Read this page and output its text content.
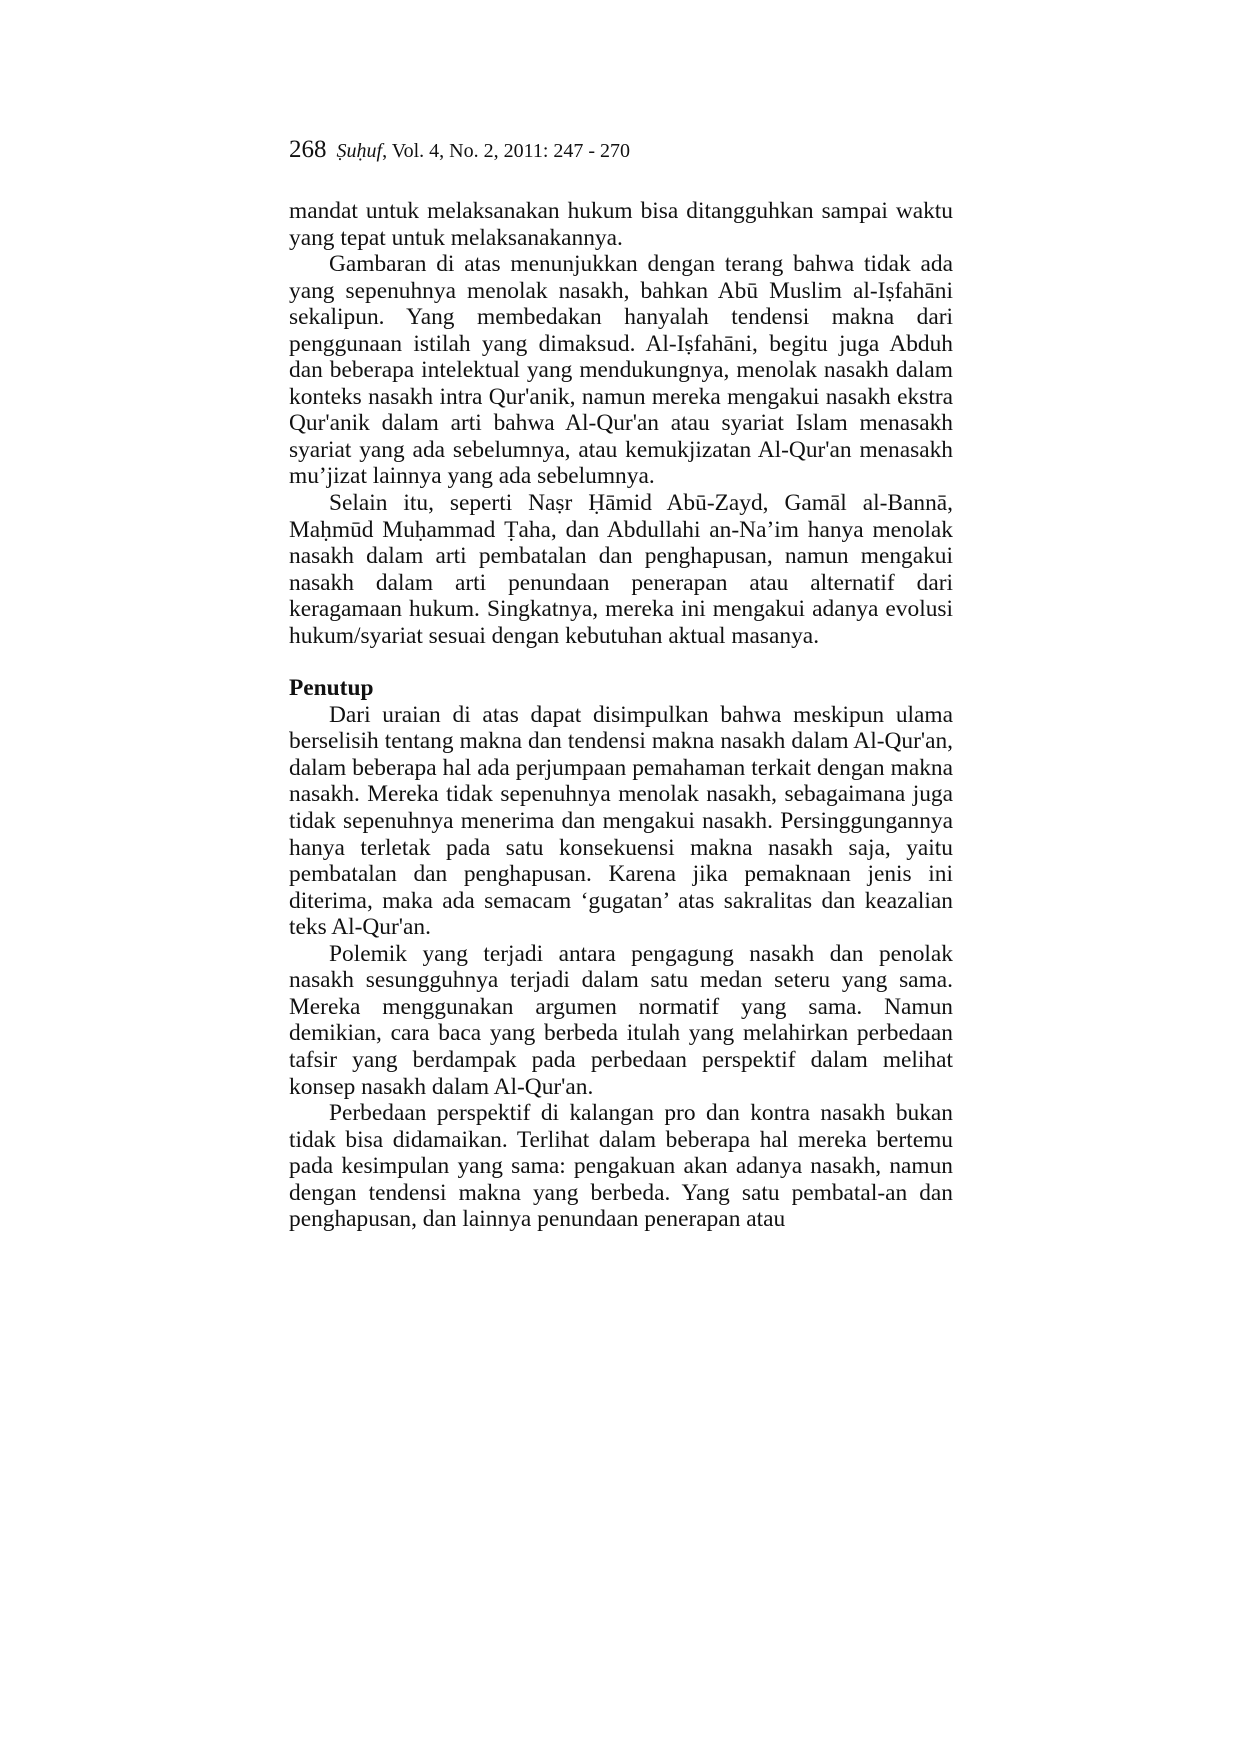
268 Ṣuḥuf, Vol. 4, No. 2, 2011: 247 - 270

mandat untuk melaksanakan hukum bisa ditangguhkan sampai waktu yang tepat untuk melaksanakannya.

Gambaran di atas menunjukkan dengan terang bahwa tidak ada yang sepenuhnya menolak nasakh, bahkan Abū Muslim al-Iṣfahāni sekalipun. Yang membedakan hanyalah tendensi makna dari penggunaan istilah yang dimaksud. Al-Iṣfahāni, begitu juga Abduh dan beberapa intelektual yang mendukungnya, menolak nasakh dalam konteks nasakh intra Qur'anik, namun mereka mengakui nasakh ekstra Qur'anik dalam arti bahwa Al-Qur'an atau syariat Islam menasakh syariat yang ada sebelumnya, atau kemukjizatan Al-Qur'an menasakh mu’jizat lainnya yang ada sebelumnya.

Selain itu, seperti Naṣr Ḥāmid Abū-Zayd, Gamāl al-Bannā, Maḥmūd Muḥammad Ṭaha, dan Abdullahi an-Na’im hanya menolak nasakh dalam arti pembatalan dan penghapusan, namun mengakui nasakh dalam arti penundaan penerapan atau alternatif dari keragamaan hukum. Singkatnya, mereka ini mengakui adanya evolusi hukum/syariat sesuai dengan kebutuhan aktual masanya.

Penutup

Dari uraian di atas dapat disimpulkan bahwa meskipun ulama berselisih tentang makna dan tendensi makna nasakh dalam Al-Qur'an, dalam beberapa hal ada perjumpaan pemahaman terkait dengan makna nasakh. Mereka tidak sepenuhnya menolak nasakh, sebagaimana juga tidak sepenuhnya menerima dan mengakui nasakh. Persinggungannya hanya terletak pada satu konsekuensi makna nasakh saja, yaitu pembatalan dan penghapusan. Karena jika pemaknaan jenis ini diterima, maka ada semacam ‘gugatan’ atas sakralitas dan keazalian teks Al-Qur'an.

Polemik yang terjadi antara pengagung nasakh dan penolak nasakh sesungguhnya terjadi dalam satu medan seteru yang sama. Mereka menggunakan argumen normatif yang sama. Namun demikian, cara baca yang berbeda itulah yang melahirkan perbedaan tafsir yang berdampak pada perbedaan perspektif dalam melihat konsep nasakh dalam Al-Qur'an.

Perbedaan perspektif di kalangan pro dan kontra nasakh bukan tidak bisa didamaikan. Terlihat dalam beberapa hal mereka bertemu pada kesimpulan yang sama: pengakuan akan adanya nasakh, namun dengan tendensi makna yang berbeda. Yang satu pembatal-an dan penghapusan, dan lainnya penundaan penerapan atau
